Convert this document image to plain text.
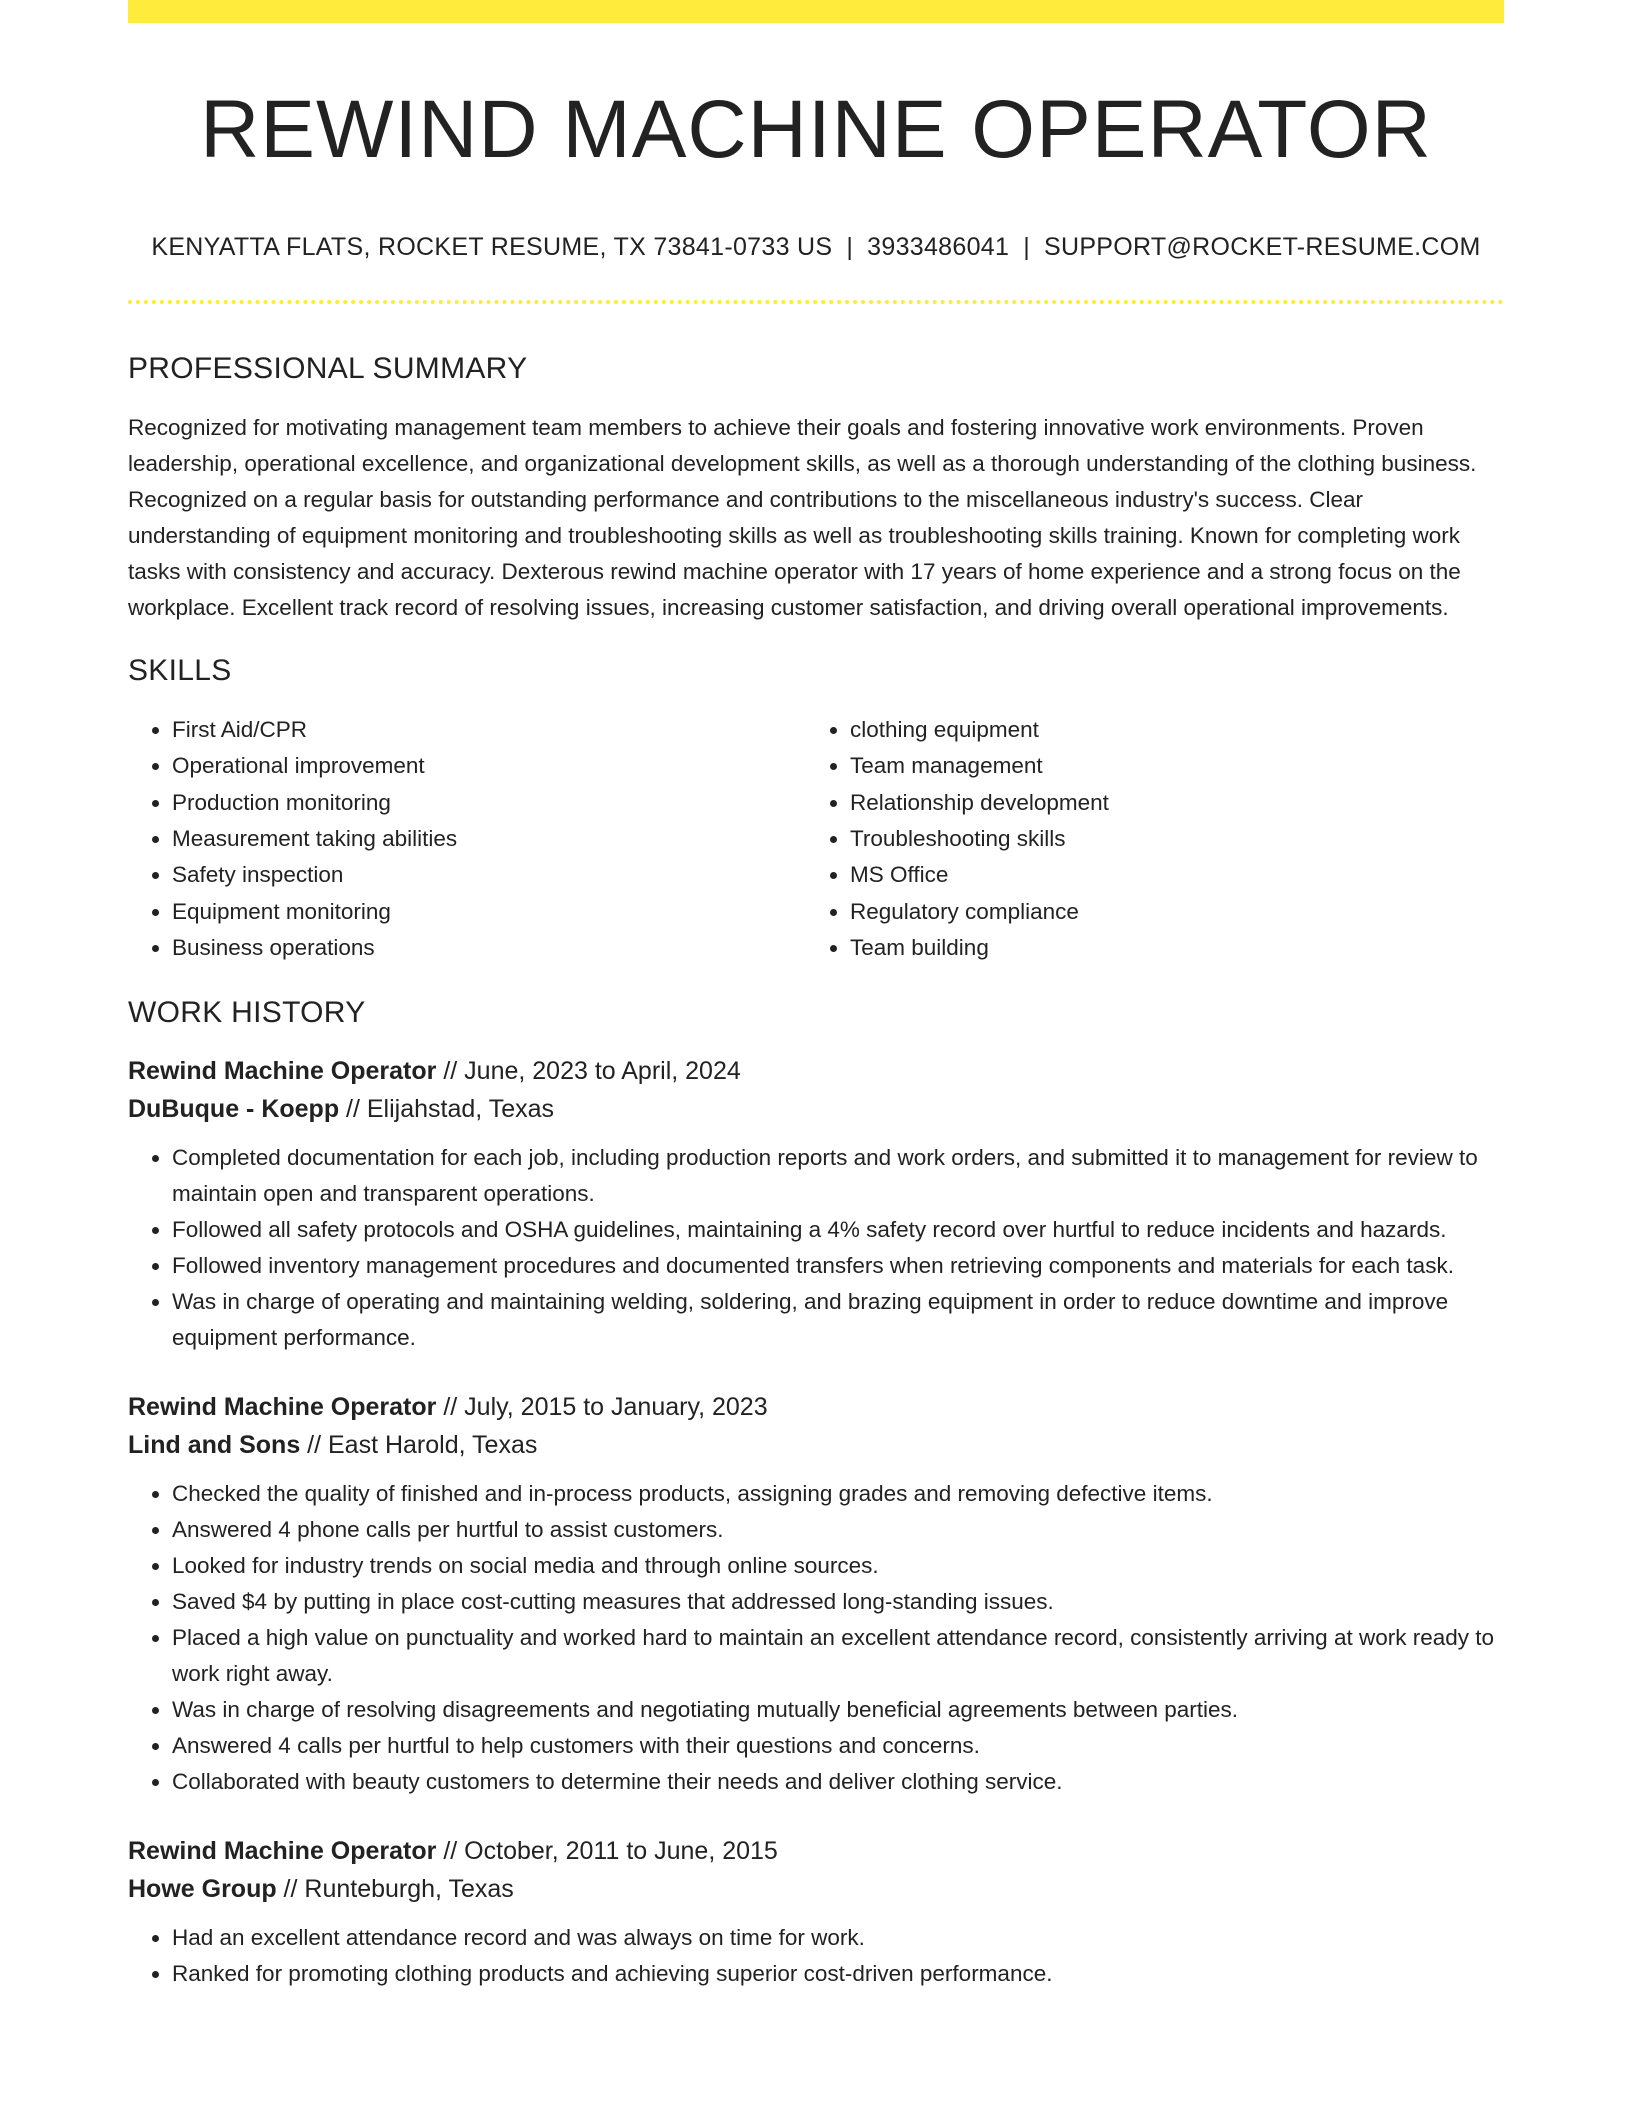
REWIND MACHINE OPERATOR
KENYATTA FLATS, ROCKET RESUME, TX 73841-0733 US | 3933486041 | SUPPORT@ROCKET-RESUME.COM
PROFESSIONAL SUMMARY

Recognized for motivating management team members to achieve their goals and fostering innovative work environments. Proven leadership, operational excellence, and organizational development skills, as well as a thorough understanding of the clothing business. Recognized on a regular basis for outstanding performance and contributions to the miscellaneous industry's success. Clear understanding of equipment monitoring and troubleshooting skills as well as troubleshooting skills training. Known for completing work tasks with consistency and accuracy. Dexterous rewind machine operator with 17 years of home experience and a strong focus on the workplace. Excellent track record of resolving issues, increasing customer satisfaction, and driving overall operational improvements.

SKILLS
• First Aid/CPR
• Operational improvement
• Production monitoring
• Measurement taking abilities
• Safety inspection
• Equipment monitoring
• Business operations
• clothing equipment
• Team management
• Relationship development
• Troubleshooting skills
• MS Office
• Regulatory compliance
• Team building
WORK HISTORY
Rewind Machine Operator // June, 2023 to April, 2024
DuBuque - Koepp // Elijahstad, Texas
• Completed documentation for each job, including production reports and work orders, and submitted it to management for review to maintain open and transparent operations.
• Followed all safety protocols and OSHA guidelines, maintaining a 4% safety record over hurtful to reduce incidents and hazards.
• Followed inventory management procedures and documented transfers when retrieving components and materials for each task.
• Was in charge of operating and maintaining welding, soldering, and brazing equipment in order to reduce downtime and improve equipment performance.
Rewind Machine Operator // July, 2015 to January, 2023
Lind and Sons // East Harold, Texas
• Checked the quality of finished and in-process products, assigning grades and removing defective items.
• Answered 4 phone calls per hurtful to assist customers.
• Looked for industry trends on social media and through online sources.
• Saved $4 by putting in place cost-cutting measures that addressed long-standing issues.
• Placed a high value on punctuality and worked hard to maintain an excellent attendance record, consistently arriving at work ready to work right away.
• Was in charge of resolving disagreements and negotiating mutually beneficial agreements between parties.
• Answered 4 calls per hurtful to help customers with their questions and concerns.
• Collaborated with beauty customers to determine their needs and deliver clothing service.
Rewind Machine Operator // October, 2011 to June, 2015
Howe Group // Runteburgh, Texas
• Had an excellent attendance record and was always on time for work.
• Ranked for promoting clothing products and achieving superior cost-driven performance.
